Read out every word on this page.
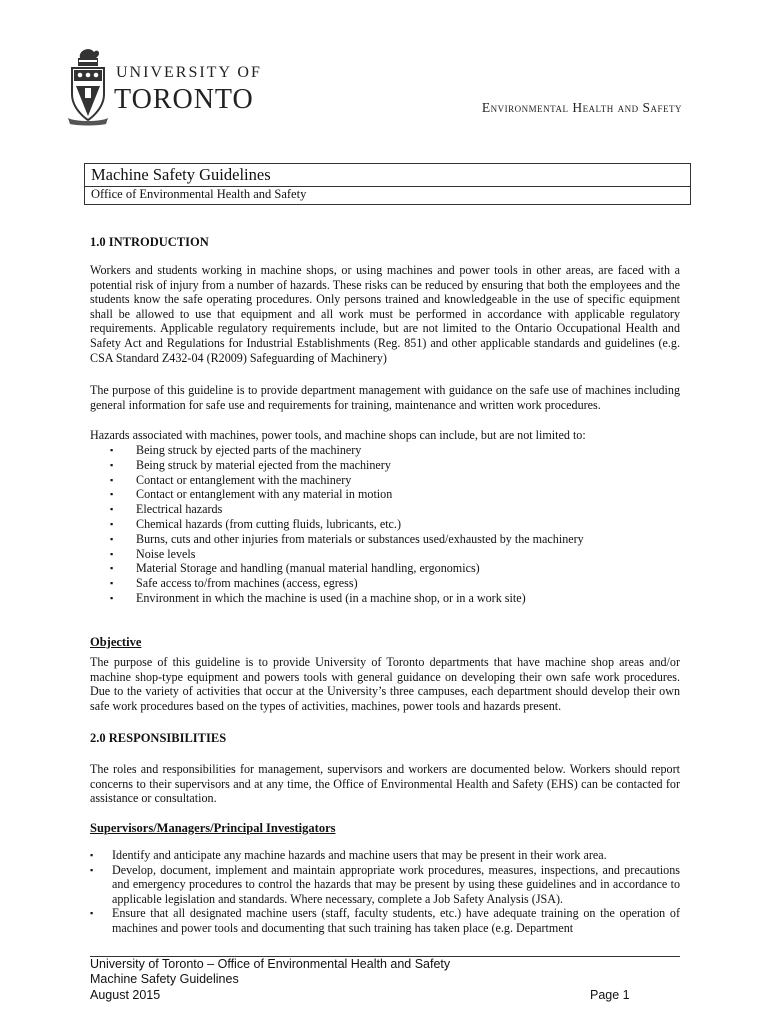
UNIVERSITY OF
TORONTO	Environmental Health and Safety
Machine Safety Guidelines
Office of Environmental Health and Safety
1.0 INTRODUCTION
Workers and students working in machine shops, or using machines and power tools in other areas, are faced with a potential risk of injury from a number of hazards. These risks can be reduced by ensuring that both the employees and the students know the safe operating procedures. Only persons trained and knowledgeable in the use of specific equipment shall be allowed to use that equipment and all work must be performed in accordance with applicable regulatory requirements. Applicable regulatory requirements include, but are not limited to the Ontario Occupational Health and Safety Act and Regulations for Industrial Establishments (Reg. 851) and other applicable standards and guidelines (e.g. CSA Standard Z432-04 (R2009) Safeguarding of Machinery)
The purpose of this guideline is to provide department management with guidance on the safe use of machines including general information for safe use and requirements for training, maintenance and written work procedures.
Hazards associated with machines, power tools, and machine shops can include, but are not limited to:
▪ Being struck by ejected parts of the machinery
▪ Being struck by material ejected from the machinery
▪ Contact or entanglement with the machinery
▪ Contact or entanglement with any material in motion
▪ Electrical hazards
▪ Chemical hazards (from cutting fluids, lubricants, etc.)
▪ Burns, cuts and other injuries from materials or substances used/exhausted by the machinery
▪ Noise levels
▪ Material Storage and handling (manual material handling, ergonomics)
▪ Safe access to/from machines (access, egress)
▪ Environment in which the machine is used (in a machine shop, or in a work site)
Objective
The purpose of this guideline is to provide University of Toronto departments that have machine shop areas and/or machine shop-type equipment and powers tools with general guidance on developing their own safe work procedures. Due to the variety of activities that occur at the University’s three campuses, each department should develop their own safe work procedures based on the types of activities, machines, power tools and hazards present.
2.0 RESPONSIBILITIES
The roles and responsibilities for management, supervisors and workers are documented below. Workers should report concerns to their supervisors and at any time, the Office of Environmental Health and Safety (EHS) can be contacted for assistance or consultation.
Supervisors/Managers/Principal Investigators
▪ Identify and anticipate any machine hazards and machine users that may be present in their work area.
▪ Develop, document, implement and maintain appropriate work procedures, measures, inspections, and precautions and emergency procedures to control the hazards that may be present by using these guidelines and in accordance to applicable legislation and standards. Where necessary, complete a Job Safety Analysis (JSA).
▪ Ensure that all designated machine users (staff, faculty students, etc.) have adequate training on the operation of machines and power tools and documenting that such training has taken place (e.g. Department
University of Toronto – Office of Environmental Health and Safety
Machine Safety Guidelines
August 2015	Page 1
